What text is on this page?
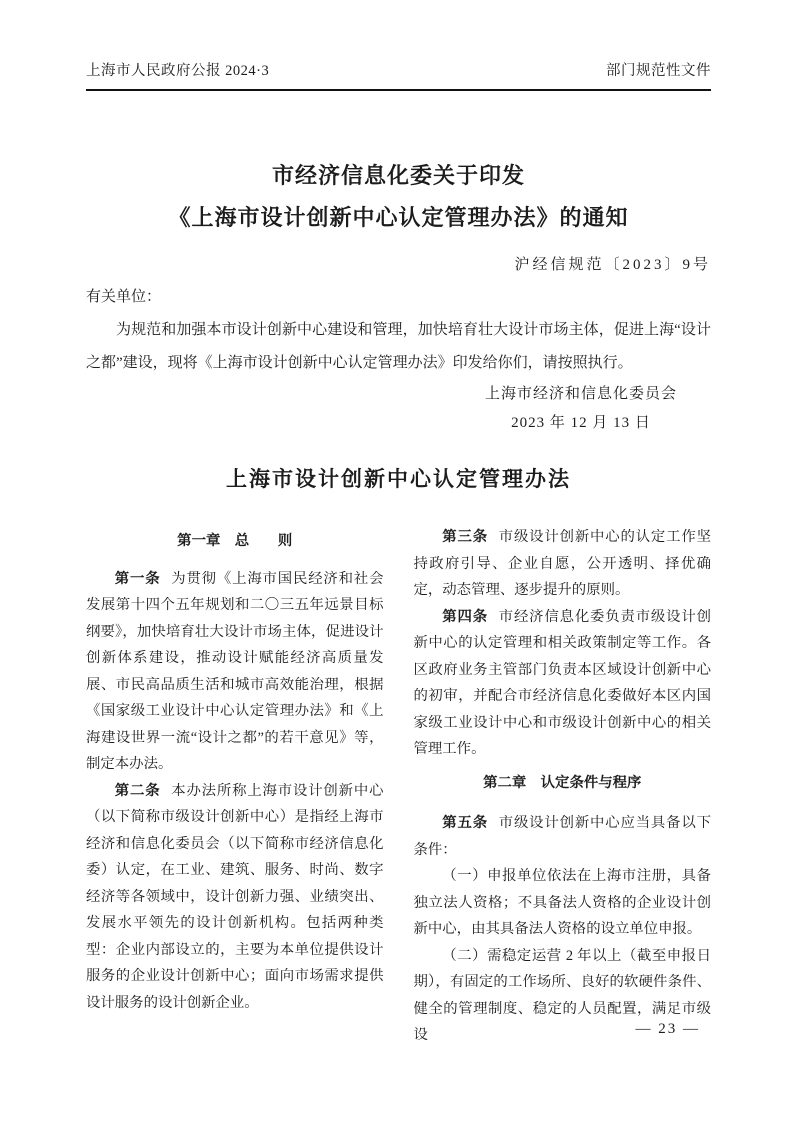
上海市人民政府公报 2024·3	部门规范性文件
市经济信息化委关于印发
《上海市设计创新中心认定管理办法》的通知
沪经信规范〔2023〕9号
有关单位：

为规范和加强本市设计创新中心建设和管理，加快培育壮大设计市场主体，促进上海“设计之都”建设，现将《上海市设计创新中心认定管理办法》印发给你们，请按照执行。

上海市经济和信息化委员会
2023 年 12 月 13 日
上海市设计创新中心认定管理办法
第一章　总　　则

第一条 为贯彻《上海市国民经济和社会发展第十四个五年规划和二〇三五年远景目标纲要》，加快培育壮大设计市场主体，促进设计创新体系建设，推动设计赋能经济高质量发展、市民高品质生活和城市高效能治理，根据《国家级工业设计中心认定管理办法》和《上海建设世界一流“设计之都”的若干意见》等，制定本办法。

第二条 本办法所称上海市设计创新中心（以下简称市级设计创新中心）是指经上海市经济和信息化委员会（以下简称市经济信息化委）认定，在工业、建筑、服务、时尚、数字经济等各领域中，设计创新力强、业绩突出、发展水平领先的设计创新机构。包括两种类型：企业内部设立的，主要为本单位提供设计服务的企业设计创新中心；面向市场需求提供设计服务的设计创新企业。

第三条 市级设计创新中心的认定工作坚持政府引导、企业自愿，公开透明、择优确定，动态管理、逐步提升的原则。

第四条 市经济信息化委负责市级设计创新中心的认定管理和相关政策制定等工作。各区政府业务主管部门负责本区域设计创新中心的初审，并配合市经济信息化委做好本区内国家级工业设计中心和市级设计创新中心的相关管理工作。

第二章　认定条件与程序

第五条 市级设计创新中心应当具备以下条件：

（一）申报单位依法在上海市注册，具备独立法人资格；不具备法人资格的企业设计创新中心，由其具备法人资格的设立单位申报。

（二）需稳定运营 2 年以上（截至申报日期），有固定的工作场所、良好的软硬件条件、健全的管理制度、稳定的人员配置，满足市级设	— 23 —
